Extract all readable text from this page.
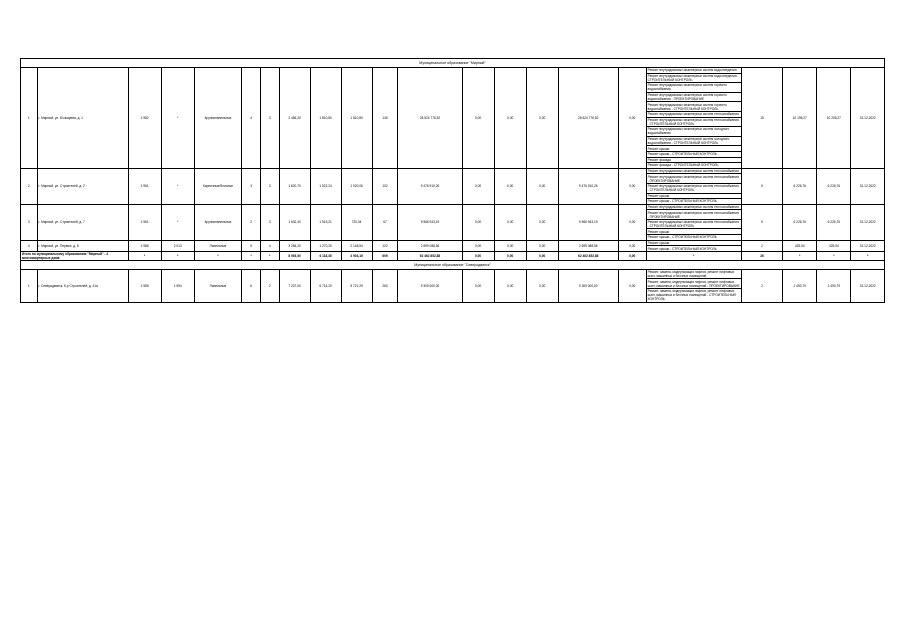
Муниципальное образование "Мирный"																					
1	г. Мирный, ул. Бочкарева, д. 1	1 982	*	Крупнопанельные	4	3	2 456,20	1 810,80	1 810,80	145	28 524 776,52	0,00	0,00	0,00	28 524 776,52	0,00	Ремонт внутридомовых инженерных систем водоотведения	15	10 195,27	10 205,27	31.12.2022
																	Ремонт внутридомовых инженерных систем водоотведения - СТРОИТЕЛЬНЫЙ КОНТРОЛЬ				
																	Ремонт внутридомовых инженерных систем горячего водоснабжения				
																	Ремонт внутридомовых инженерных систем горячего водоснабжения - ПРОЕКТИРОВАНИЕ				
																	Ремонт внутридомовых инженерных систем горячего водоснабжения - СТРОИТЕЛЬНЫЙ КОНТРОЛЬ				
																	Ремонт внутридомовых инженерных систем теплоснабжения				
																	Ремонт внутридомовых инженерных систем теплоснабжения - СТРОИТЕЛЬНЫЙ КОНТРОЛЬ				
																	Ремонт внутридомовых инженерных систем холодного водоснабжения				
																	Ремонт внутридомовых инженерных систем холодного водоснабжения - СТРОИТЕЛЬНЫЙ КОНТРОЛЬ				
																	Ремонт крыши				
																	Ремонт крыши - СТРОИТЕЛЬНЫЙ КОНТРОЛЬ				
																	Ремонт фасада				
																	Ремонт фасада - СТРОИТЕЛЬНЫЙ КОНТРОЛЬ				
2	г. Мирный, ул. Строителей, д. 2	1 961	*	Кирпичные/блочные	3	3	1 620,70	1 522,24	1 020,06	102	9 476 910,26	0,00	0,00	0,00	9 476 910,26	0,00	Ремонт внутридомовых инженерных систем теплоснабжения	5	6 226,76	6 226,76	31.12.2022
																	Ремонт внутридомовых инженерных систем теплоснабжения - ПРОЕКТИРОВАНИЕ				
																	Ремонт внутридомовых инженерных систем теплоснабжения - СТРОИТЕЛЬНЫЙ КОНТРОЛЬ				
																	Ремонт крыши				
																	Ремонт крыши - СТРОИТЕЛЬНЫЙ КОНТРОЛЬ				
3	г. Мирный, ул. Строителей, д. 7	1 961	*	Крупнопанельные	2	3	1 632,40	1 515,21	720,04	67	9 566 943,19	0,00	0,00	0,00	9 566 943,19	0,00	Ремонт внутридомовых инженерных систем теплоснабжения	5	6 226,76	6 226,76	31.12.2022
																	Ремонт внутридомовых инженерных систем теплоснабжения - ПРОЕКТИРОВАНИЕ				
																	Ремонт внутридомовых инженерных систем теплоснабжения - СТРОИТЕЛЬНЫЙ КОНТРОЛЬ				
																	Ремонт крыши				
																	Ремонт крыши - СТРОИТЕЛЬНЫЙ КОНТРОЛЬ				
4	г. Мирный, ул. Первых, д. 8	1 986	2 013	Панельные	5	4	3 284,20	1 270,20	2 148,54	122	2 699 088,56	0,00	0,00	0,00	2 699 088,56	0,00	Ремонт крыши	2	425,54	425,54	31.12.2022
																	Ремонт крыши - СТРОИТЕЛЬНЫЙ КОНТРОЛЬ				
Итого по муниципальному образованию "Мирный" - 4 многоквартирных дома		*	*	*	*	*	8 993,50	6 118,45	4 904,19	609	62 462 852,88	0,00	0,00	0,00	62 462 852,88	0,00	*	26	*	*	*
Муниципальное образование "Северодвинск"																					
1	г. Северодвинск, б-р Строителей, д. 41а	1 985	1 994	Панельные	6	2	7 237,00	6 714,20	5 721,29	260	9 309 000,00	0,00	0,00	0,00	9 309 000,00	0,00	Ремонт, замена, модернизация лифтов, ремонт лифтовых шахт, машинных и блочных помещений	2	1 490,79	1 490,79	31.12.2022
																	Ремонт, замена, модернизация лифтов, ремонт лифтовых шахт, машинных и блочных помещений - ПРОЕКТИРОВАНИЕ				
																	Ремонт, замена, модернизация лифтов, ремонт лифтовых шахт, машинных и блочных помещений - СТРОИТЕЛЬНЫЙ КОНТРОЛЬ				
